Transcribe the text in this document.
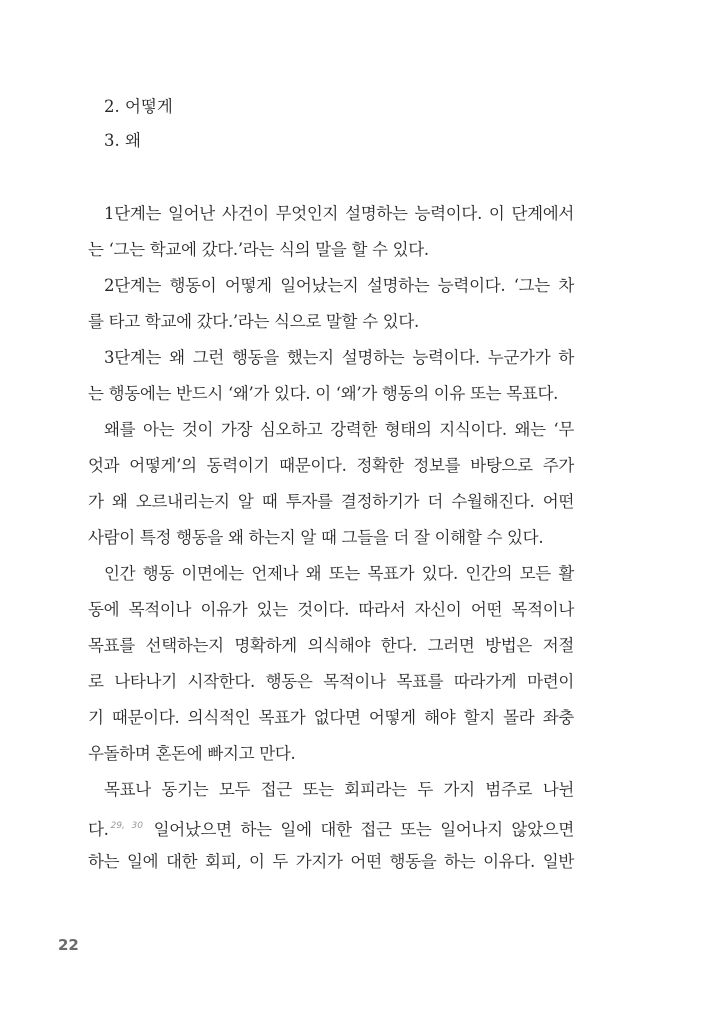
2. 어떻게
3. 왜
1단계는 일어난 사건이 무엇인지 설명하는 능력이다. 이 단계에서
는 ‘그는 학교에 갔다.’라는 식의 말을 할 수 있다.
2단계는 행동이 어떻게 일어났는지 설명하는 능력이다. ‘그는 차
를 타고 학교에 갔다.’라는 식으로 말할 수 있다.
3단계는 왜 그런 행동을 했는지 설명하는 능력이다. 누군가가 하
는 행동에는 반드시 ‘왜’가 있다. 이 ‘왜’가 행동의 이유 또는 목표다.
왜를 아는 것이 가장 심오하고 강력한 형태의 지식이다. 왜는 ‘무
엇과 어떻게’의 동력이기 때문이다. 정확한 정보를 바탕으로 주가
가 왜 오르내리는지 알 때 투자를 결정하기가 더 수월해진다. 어떤
사람이 특정 행동을 왜 하는지 알 때 그들을 더 잘 이해할 수 있다.
인간 행동 이면에는 언제나 왜 또는 목표가 있다. 인간의 모든 활
동에 목적이나 이유가 있는 것이다. 따라서 자신이 어떤 목적이나
목표를 선택하는지 명확하게 의식해야 한다. 그러면 방법은 저절
로 나타나기 시작한다. 행동은 목적이나 목표를 따라가게 마련이
기 때문이다. 의식적인 목표가 없다면 어떻게 해야 할지 몰라 좌충
우돌하며 혼돈에 빠지고 만다.
목표나 동기는 모두 접근 또는 회피라는 두 가지 범주로 나뉜
다. $^{29, 30}$ 일어났으면 하는 일에 대한 접근 또는 일어나지 않았으면
하는 일에 대한 회피, 이 두 가지가 어떤 행동을 하는 이유다. 일반
22
